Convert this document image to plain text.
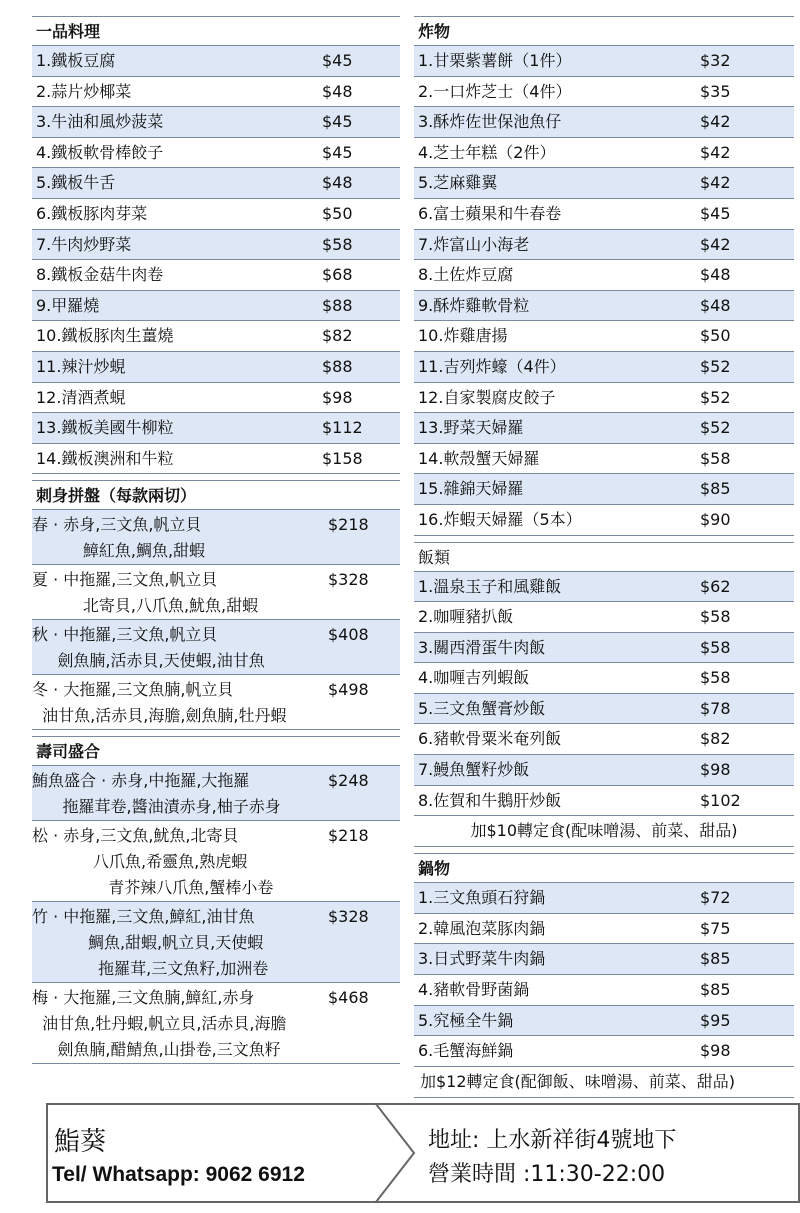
一品料理
1.鐵板豆腐	$45
2.蒜片炒椰菜	$48
3.牛油和風炒菠菜	$45
4.鐵板軟骨棒餃子	$45
5.鐵板牛舌	$48
6.鐵板豚肉芽菜	$50
7.牛肉炒野菜	$58
8.鐵板金菇牛肉卷	$68
9.甲羅燒	$88
10.鐵板豚肉生薑燒	$82
11.辣汁炒蜆	$88
12.清酒煮蜆	$98
13.鐵板美國牛柳粒	$112
14.鐵板澳洲和牛粒	$158
刺身拼盤（每款兩切）
春 · 赤身,三文魚,帆立貝
鱆紅魚,鯛魚,甜蝦
$218
夏 · 中拖羅,三文魚,帆立貝
北寄貝,八爪魚,魷魚,甜蝦
$328
秋 · 中拖羅,三文魚,帆立貝
劍魚腩,活赤貝,天使蝦,油甘魚
$408
冬 · 大拖羅,三文魚腩,帆立貝
油甘魚,活赤貝,海膽,劍魚腩,牡丹蝦
$498
壽司盛合
鮪魚盛合 · 赤身,中拖羅,大拖羅
拖羅茸卷,醬油漬赤身,柚子赤身
$248
松 · 赤身,三文魚,魷魚,北寄貝
八爪魚,希靈魚,熟虎蝦
青芥辣八爪魚,蟹棒小卷
$218
竹 · 中拖羅,三文魚,鱆紅,油甘魚
鯛魚,甜蝦,帆立貝,天使蝦
拖羅茸,三文魚籽,加洲卷
$328
梅 · 大拖羅,三文魚腩,鱆紅,赤身
油甘魚,牡丹蝦,帆立貝,活赤貝,海膽
劍魚腩,醋鯖魚,山掛卷,三文魚籽
$468
炸物
1.甘栗紫薯餅（1件）	$32
2.一口炸芝士（4件）	$35
3.酥炸佐世保池魚仔	$42
4.芝士年糕（2件）	$42
5.芝麻雞翼	$42
6.富士蘋果和牛春卷	$45
7.炸富山小海老	$42
8.土佐炸豆腐	$48
9.酥炸雞軟骨粒	$48
10.炸雞唐揚	$50
11.吉列炸蠔（4件）	$52
12.自家製腐皮餃子	$52
13.野菜天婦羅	$52
14.軟殼蟹天婦羅	$58
15.雜錦天婦羅	$85
16.炸蝦天婦羅（5本）	$90
飯類
1.溫泉玉子和風雞飯	$62
2.咖喱豬扒飯	$58
3.關西滑蛋牛肉飯	$58
4.咖喱吉列蝦飯	$58
5.三文魚蟹膏炒飯	$78
6.豬軟骨粟米奄列飯	$82
7.鰻魚蟹籽炒飯	$98
8.佐賀和牛鵝肝炒飯	$102
加$10轉定食(配味噌湯、前菜、甜品)
鍋物
1.三文魚頭石狩鍋	$72
2.韓風泡菜豚肉鍋	$75
3.日式野菜牛肉鍋	$85
4.豬軟骨野菌鍋	$85
5.究極全牛鍋	$95
6.毛蟹海鮮鍋	$98
加$12轉定食(配御飯、味噌湯、前菜、甜品)
鮨葵
Tel/ Whatsapp: 9062 6912
地址: 上水新祥街4號地下
營業時間 :11:30-22:00
